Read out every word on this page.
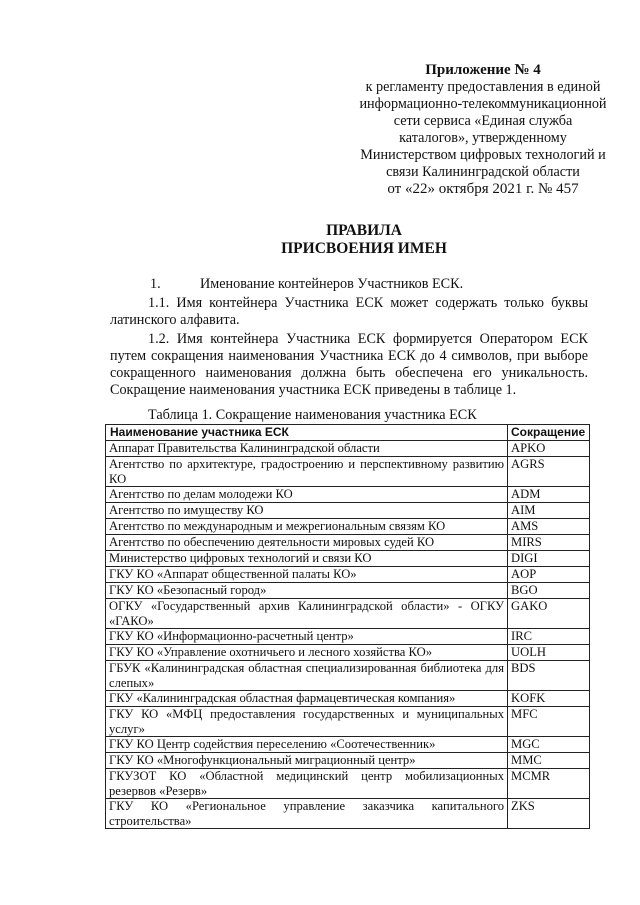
Приложение № 4
к регламенту предоставления в единой
информационно-телекоммуникационной
сети сервиса «Единая служба
каталогов», утвержденному
Министерством цифровых технологий и
связи Калининградской области
от «22» октября 2021 г. № 457
ПРАВИЛА
ПРИСВОЕНИЯ ИМЕН
1.	Именование контейнеров Участников ЕСК.
1.1. Имя контейнера Участника ЕСК может содержать только буквы латинского алфавита.
1.2. Имя контейнера Участника ЕСК формируется Оператором ЕСК путем сокращения наименования Участника ЕСК до 4 символов, при выборе сокращенного наименования должна быть обеспечена его уникальность. Сокращение наименования участника ЕСК приведены в таблице 1.
Таблица 1. Сокращение наименования участника ЕСК
Наименование участника ЕСК	Сокращение
Аппарат Правительства Калининградской области	APKO
Агентство по архитектуре, градостроению и перспективному развитию КО	AGRS
Агентство по делам молодежи КО	ADM
Агентство по имуществу КО	AIM
Агентство по международным и межрегиональным связям КО	AMS
Агентство по обеспечению деятельности мировых судей КО	MIRS
Министерство цифровых технологий и связи КО	DIGI
ГКУ КО «Аппарат общественной палаты КО»	AOP
ГКУ КО «Безопасный город»	BGO
ОГКУ «Государственный архив Калининградской области» - ОГКУ «ГАКО»	GAKO
ГКУ КО «Информационно-расчетный центр»	IRC
ГКУ КО «Управление охотничьего и лесного хозяйства КО»	UOLH
ГБУК «Калининградская областная специализированная библиотека для слепых»	BDS
ГКУ «Калининградская областная фармацевтическая компания»	KOFK
ГКУ КО «МФЦ предоставления государственных и муниципальных услуг»	MFC
ГКУ КО Центр содействия переселению «Соотечественник»	MGC
ГКУ КО «Многофункциональный миграционный центр»	MMC
ГКУЗОТ КО «Областной медицинский центр мобилизационных резервов «Резерв»	MCMR
ГКУ КО «Региональное управление заказчика капитального строительства»	ZKS
